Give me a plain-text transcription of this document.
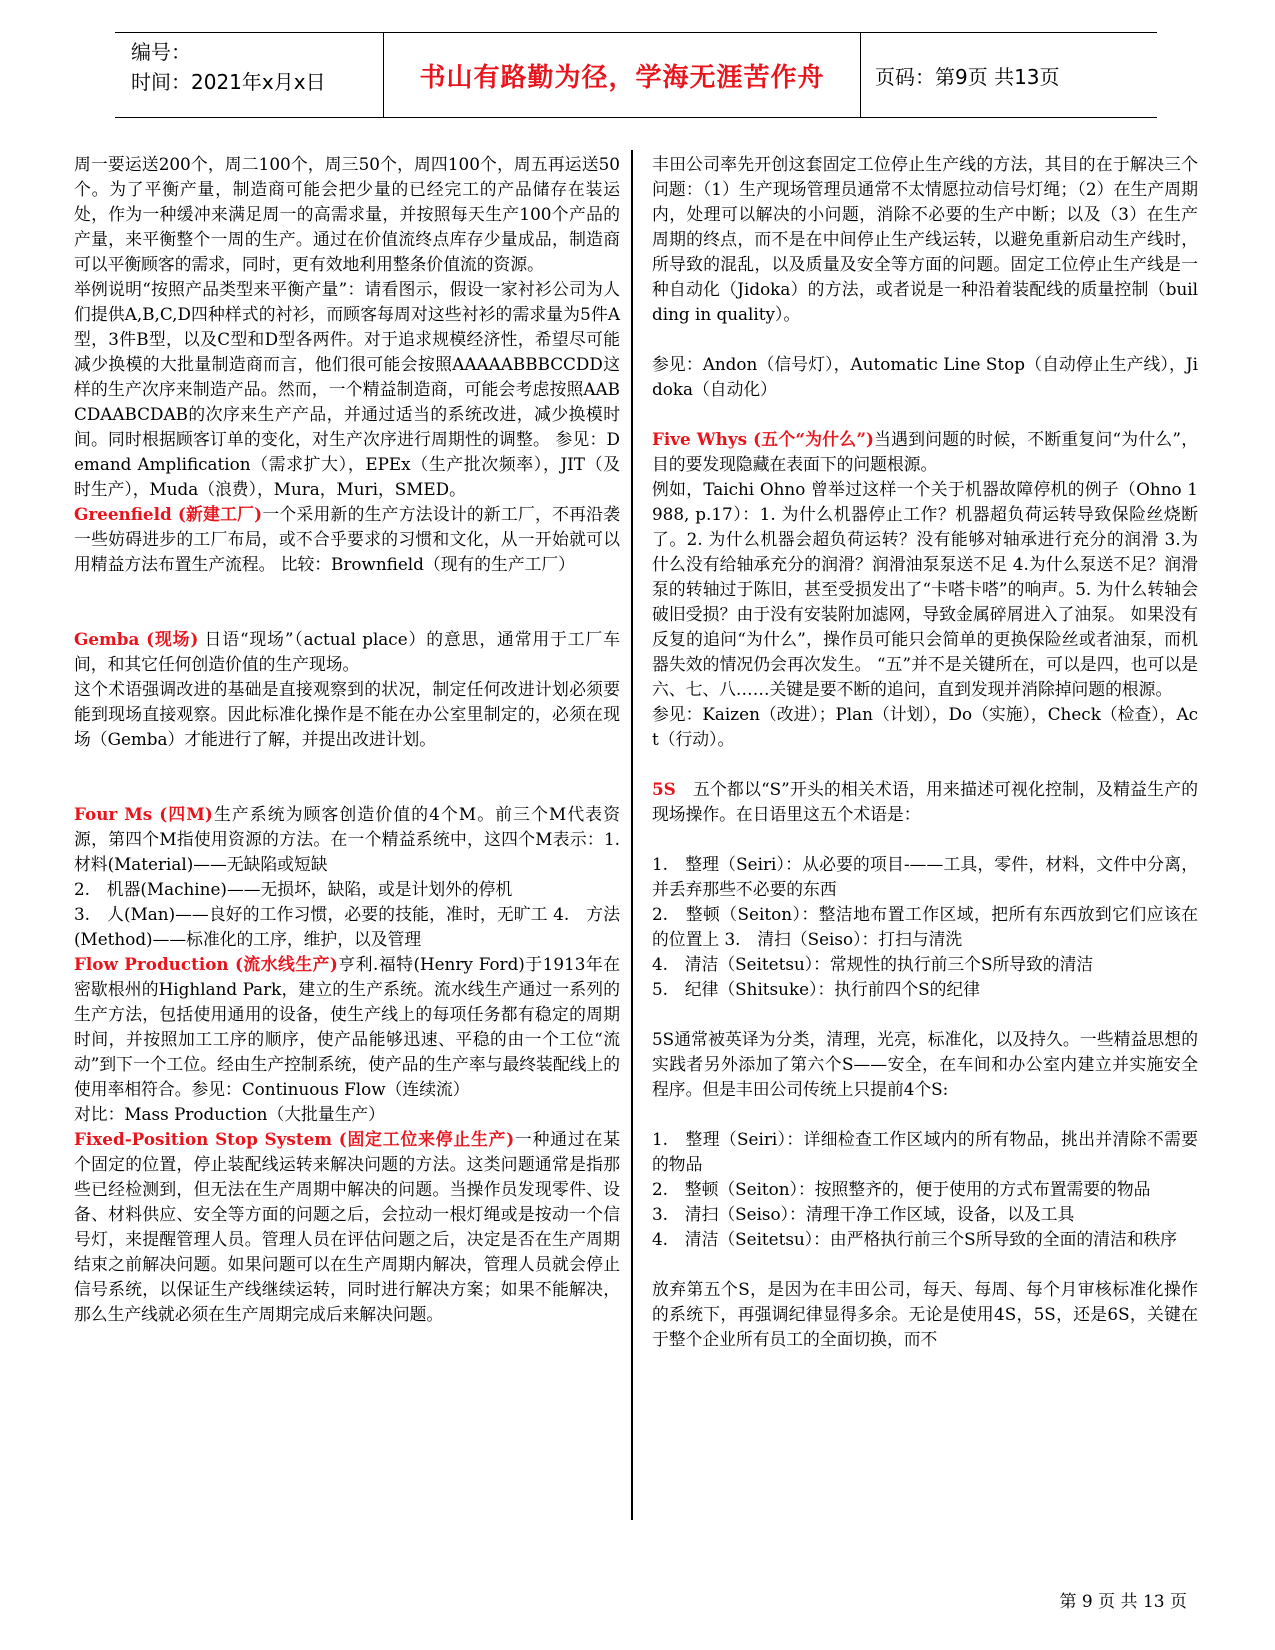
编号：
时间：2021年x月x日	书山有路勤为径，学海无涯苦作舟	页码：第9页 共13页

周一要运送200个，周二100个，周三50个，周四100个，周五再运送50个。为了平衡产量，制造商可能会把少量的已经完工的产品储存在装运处，作为一种缓冲来满足周一的高需求量，并按照每天生产100个产品的产量，来平衡整个一周的生产。通过在价值流终点库存少量成品，制造商可以平衡顾客的需求，同时，更有效地利用整条价值流的资源。

举例说明“按照产品类型来平衡产量”：请看图示，假设一家衬衫公司为人们提供A,B,C,D四种样式的衬衫，而顾客每周对这些衬衫的需求量为5件A型，3件B型，以及C型和D型各两件。对于追求规模经济性，希望尽可能减少换模的大批量制造商而言，他们很可能会按照AAAAABBBCCDD这样的生产次序来制造产品。然而，一个精益制造商，可能会考虑按照AABCDAABCDAB的次序来生产产品，并通过适当的系统改进，减少换模时间。同时根据顾客订单的变化，对生产次序进行周期性的调整。 参见：Demand Amplification（需求扩大），EPEx（生产批次频率），JIT（及时生产），Muda（浪费），Mura，Muri，SMED。

Greenfield (新建工厂)一个采用新的生产方法设计的新工厂，不再沿袭一些妨碍进步的工厂布局，或不合乎要求的习惯和文化，从一开始就可以用精益方法布置生产流程。 比较：Brownfield（现有的生产工厂）

Gemba (现场) 日语“现场”（actual place）的意思，通常用于工厂车间，和其它任何创造价值的生产现场。

这个术语强调改进的基础是直接观察到的状况，制定任何改进计划必须要能到现场直接观察。因此标准化操作是不能在办公室里制定的，必须在现场（Gemba）才能进行了解，并提出改进计划。

Four Ms (四M)生产系统为顾客创造价值的4个M。前三个M代表资源，第四个M指使用资源的方法。在一个精益系统中，这四个M表示：1.　材料(Material)——无缺陷或短缺

2.　机器(Machine)——无损坏，缺陷，或是计划外的停机

3.　人(Man)——良好的工作习惯，必要的技能，准时，无旷工 4.　方法(Method)——标准化的工序，维护，以及管理

Flow Production (流水线生产)亨利.福特(Henry Ford)于1913年在密歇根州的Highland Park，建立的生产系统。流水线生产通过一系列的生产方法，包括使用通用的设备，使生产线上的每项任务都有稳定的周期时间，并按照加工工序的顺序，使产品能够迅速、平稳的由一个工位“流动”到下一个工位。经由生产控制系统，使产品的生产率与最终装配线上的使用率相符合。参见：Continuous Flow（连续流）

对比：Mass Production（大批量生产）

Fixed-Position Stop System (固定工位来停止生产)一种通过在某个固定的位置，停止装配线运转来解决问题的方法。这类问题通常是指那些已经检测到，但无法在生产周期中解决的问题。当操作员发现零件、设备、材料供应、安全等方面的问题之后，会拉动一根灯绳或是按动一个信号灯，来提醒管理人员。管理人员在评估问题之后，决定是否在生产周期结束之前解决问题。如果问题可以在生产周期内解决，管理人员就会停止信号系统，以保证生产线继续运转，同时进行解决方案；如果不能解决，那么生产线就必须在生产周期完成后来解决问题。

丰田公司率先开创这套固定工位停止生产线的方法，其目的在于解决三个问题：（1）生产现场管理员通常不太情愿拉动信号灯绳；（2）在生产周期内，处理可以解决的小问题，消除不必要的生产中断；以及（3）在生产周期的终点，而不是在中间停止生产线运转，以避免重新启动生产线时，所导致的混乱，以及质量及安全等方面的问题。固定工位停止生产线是一种自动化（Jidoka）的方法，或者说是一种沿着装配线的质量控制（building in quality）。

参见：Andon（信号灯），Automatic Line Stop（自动停止生产线），Jidoka（自动化）

Five Whys (五个“为什么”)当遇到问题的时候，不断重复问“为什么”，目的要发现隐藏在表面下的问题根源。

例如，Taichi Ohno 曾举过这样一个关于机器故障停机的例子（Ohno 1988, p.17）：1. 为什么机器停止工作？机器超负荷运转导致保险丝烧断了。2. 为什么机器会超负荷运转？没有能够对轴承进行充分的润滑 3.为什么没有给轴承充分的润滑？润滑油泵泵送不足 4.为什么泵送不足？润滑泵的转轴过于陈旧，甚至受损发出了“卡嗒卡嗒”的响声。5. 为什么转轴会破旧受损？由于没有安装附加滤网，导致金属碎屑进入了油泵。 如果没有反复的追问“为什么”，操作员可能只会简单的更换保险丝或者油泵，而机器失效的情况仍会再次发生。 “五”并不是关键所在，可以是四，也可以是六、七、八……关键是要不断的追问，直到发现并消除掉问题的根源。

参见：Kaizen（改进）；Plan（计划），Do（实施），Check（检查），Act（行动）。

5S　五个都以“S”开头的相关术语，用来描述可视化控制，及精益生产的现场操作。在日语里这五个术语是：

1.　整理（Seiri）：从必要的项目-——工具，零件，材料，文件中分离，并丢弃那些不必要的东西

2.　整顿（Seiton）：整洁地布置工作区域，把所有东西放到它们应该在的位置上 3.　清扫（Seiso）：打扫与清洗

4.　清洁（Seitetsu）：常规性的执行前三个S所导致的清洁

5.　纪律（Shitsuke）：执行前四个S的纪律

5S通常被英译为分类，清理，光亮，标准化，以及持久。一些精益思想的实践者另外添加了第六个S——安全，在车间和办公室内建立并实施安全程序。但是丰田公司传统上只提前4个S:

1.　整理（Seiri）：详细检查工作区域内的所有物品，挑出并清除不需要的物品

2.　整顿（Seiton）：按照整齐的，便于使用的方式布置需要的物品

3.　清扫（Seiso）：清理干净工作区域，设备，以及工具

4.　清洁（Seitetsu）：由严格执行前三个S所导致的全面的清洁和秩序

放弃第五个S，是因为在丰田公司，每天、每周、每个月审核标准化操作的系统下，再强调纪律显得多余。无论是使用4S，5S，还是6S，关键在于整个企业所有员工的全面切换，而不

第 9 页 共 13 页
